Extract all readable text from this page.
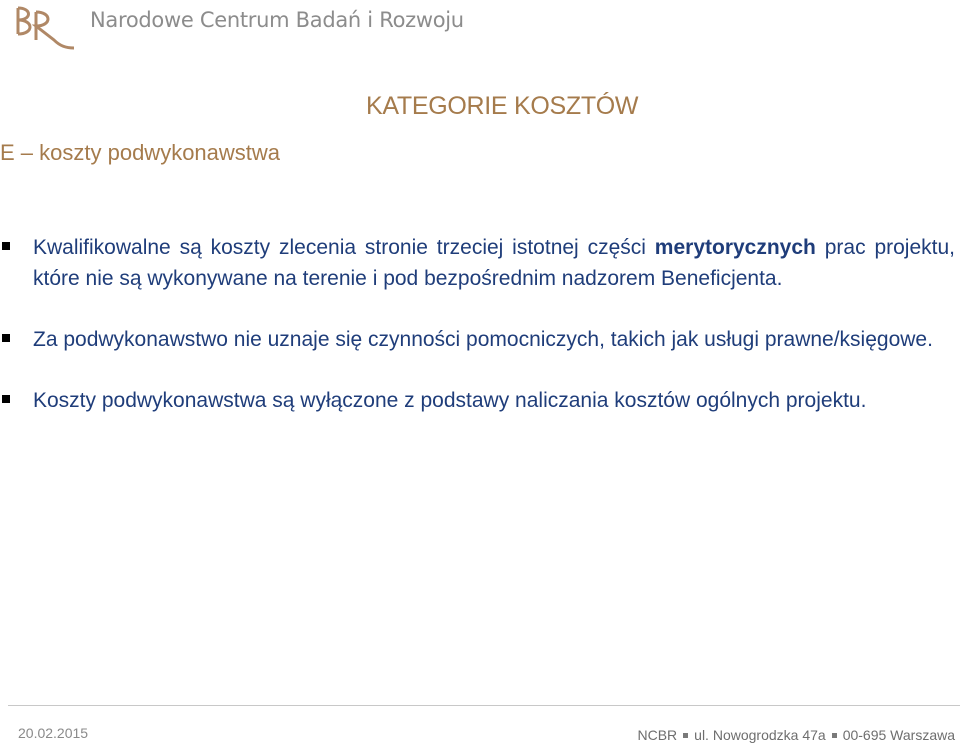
Narodowe Centrum Badań i Rozwoju
KATEGORIE KOSZTÓW
E – koszty podwykonawstwa
Kwalifikowalne są koszty zlecenia stronie trzeciej istotnej części merytorycznych prac projektu, które nie są wykonywane na terenie i pod bezpośrednim nadzorem Beneficjenta.
Za podwykonawstwo nie uznaje się czynności pomocniczych, takich jak usługi prawne/księgowe.
Koszty podwykonawstwa są wyłączone z podstawy naliczania kosztów ogólnych projektu.
20.02.2015	NCBR ul. Nowogrodzka 47a 00-695 Warszawa
